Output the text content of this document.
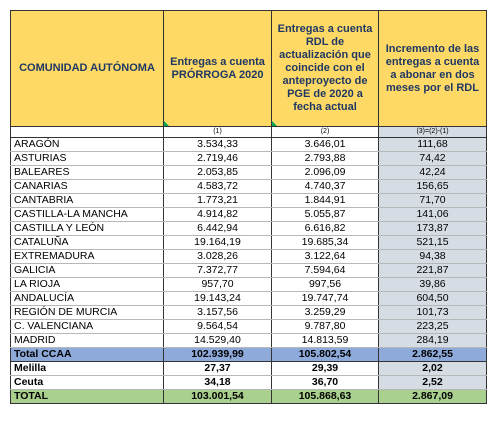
COMUNIDAD AUTÓNOMA	Entregas a cuenta PRÓRROGA 2020	Entregas a cuenta RDL de actualización que coincide con el anteproyecto de PGE de 2020 a fecha actual	Incremento de las entregas a cuenta a abonar en dos meses por el RDL
	(1)	(2)	(3)=(2)-(1)
ARAGÓN	3.534,33	3.646,01	111,68
ASTURIAS	2.719,46	2.793,88	74,42
BALEARES	2.053,85	2.096,09	42,24
CANARIAS	4.583,72	4.740,37	156,65
CANTABRIA	1.773,21	1.844,91	71,70
CASTILLA-LA MANCHA	4.914,82	5.055,87	141,06
CASTILLA Y LEÓN	6.442,94	6.616,82	173,87
CATALUÑA	19.164,19	19.685,34	521,15
EXTREMADURA	3.028,26	3.122,64	94,38
GALICIA	7.372,77	7.594,64	221,87
LA RIOJA	957,70	997,56	39,86
ANDALUCÍA	19.143,24	19.747,74	604,50
REGIÓN DE MURCIA	3.157,56	3.259,29	101,73
C. VALENCIANA	9.564,54	9.787,80	223,25
MADRID	14.529,40	14.813,59	284,19
Total CCAA	102.939,99	105.802,54	2.862,55
Melilla	27,37	29,39	2,02
Ceuta	34,18	36,70	2,52
TOTAL	103.001,54	105.868,63	2.867,09
